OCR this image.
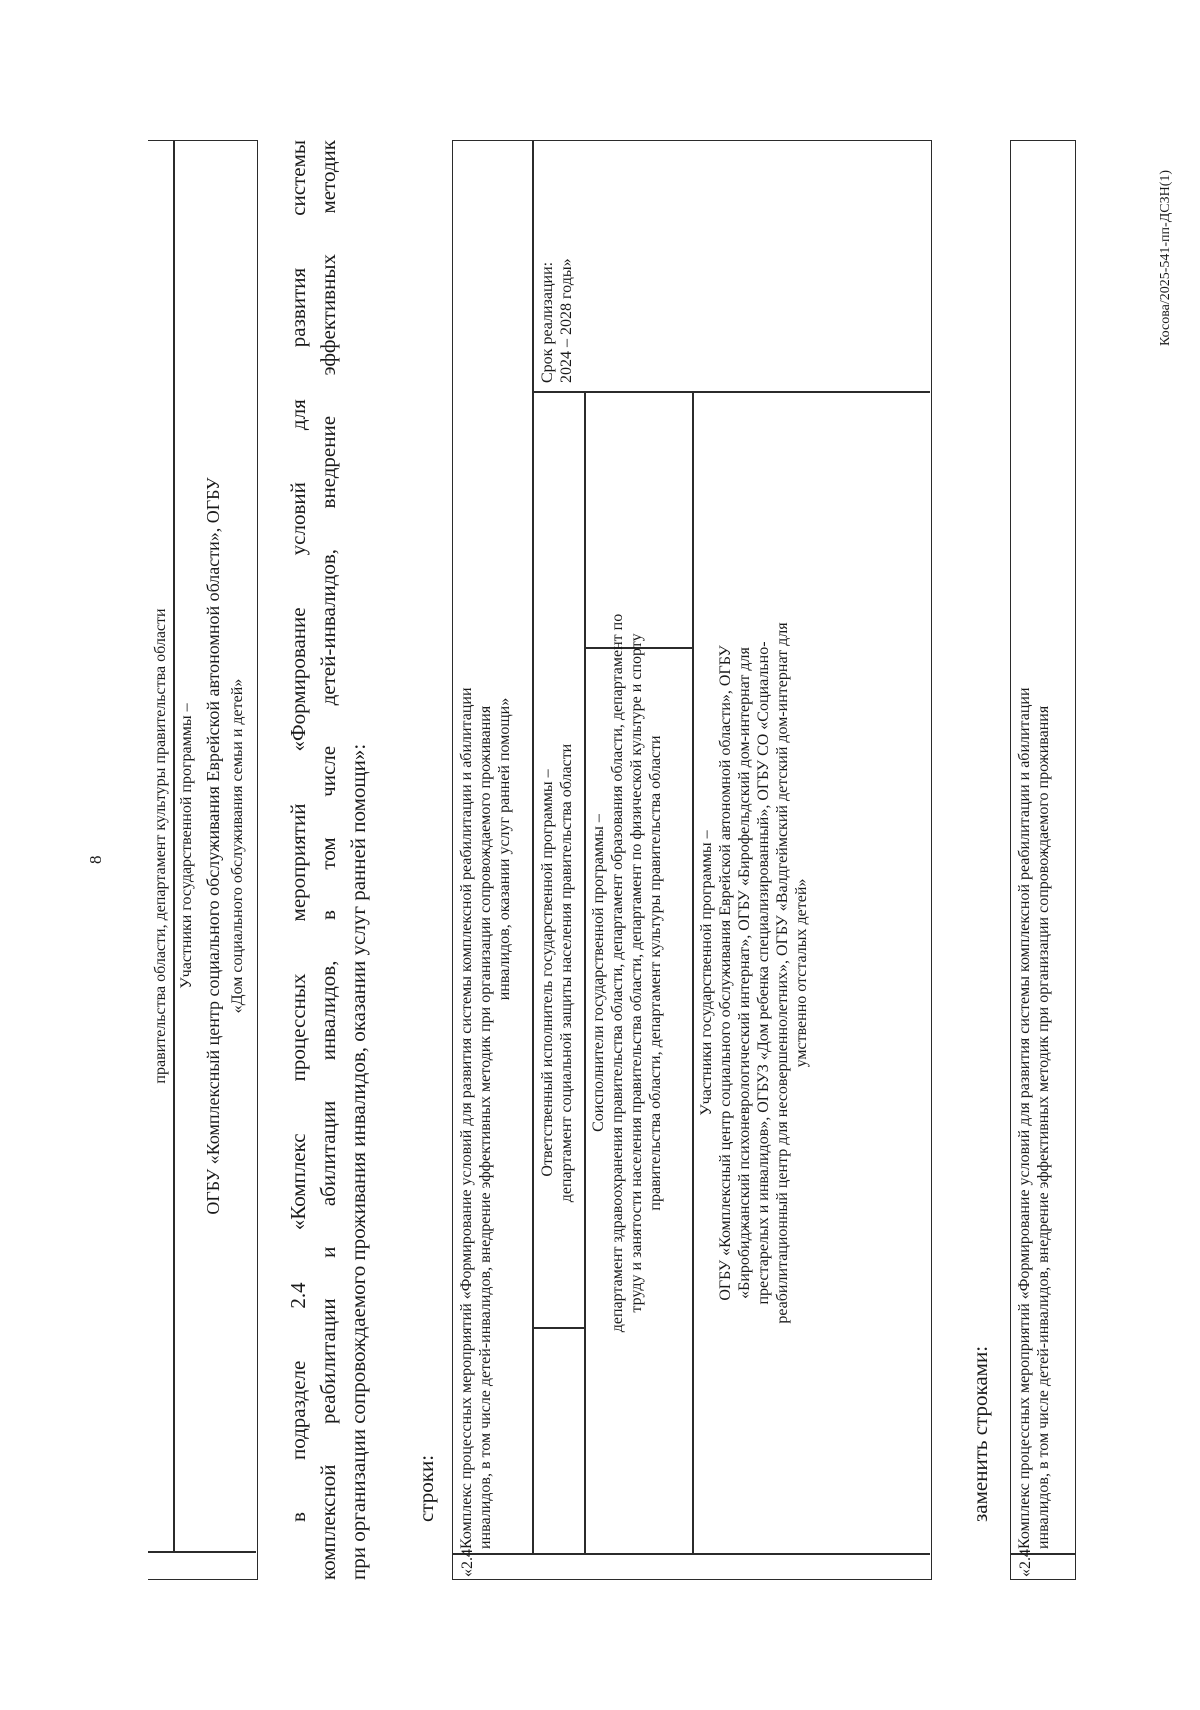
8	правительства области, департамент культуры правительства области Участники государственной программы – ОГБУ «Комплексный центр социального обслуживания Еврейской автономной области», ОГБУ «Дом социального обслуживания семьи и детей» в подразделе 2.4 «Комплекс процессных мероприятий «Формирование условий для развития системы комплексной реабилитации и абилитации инвалидов, в том числе детей-инвалидов, внедрение эффективных методик при организации сопровождаемого проживания инвалидов, оказании услуг ранней помощи»: строки:
«2.4
Комплекс процессных мероприятий «Формирование условий для развития системы комплексной реабилитации и абилитации инвалидов, в том числе детей-инвалидов, внедрение эффективных методик при организации сопровождаемого проживания инвалидов, оказании услуг ранней помощи» Ответственный исполнитель государственной программы – департамент социальной защиты населения правительства области
Срок реализации: 2024 – 2028 годы»
Соисполнители государственной программы – департамент здравоохранения правительства области, департамент образования области, департамент по труду и занятости населения правительства области, департамент по физической культуре и спорту правительства области, департамент культуры правительства области Участники государственной программы – ОГБУ «Комплексный центр социального обслуживания Еврейской автономной области», ОГБУ «Биробиджанский психоневрологический интернат», ОГБУ «Бирофельдский дом-интернат для престарелых и инвалидов», ОГБУЗ «Дом ребенка специализированный», ОГБУ СО «Социально- реабилитационный центр для несовершеннолетних», ОГБУ «Валдгеймский детский дом-интернат для умственно отсталых детей»
заменить строками:
«2.4
Комплекс процессных мероприятий «Формирование условий для развития системы комплексной реабилитации и абилитации инвалидов, в том числе детей-инвалидов, внедрение эффективных методик при организации сопровождаемого проживания
Косова/2025-541-пп-ДСЗН(1)
